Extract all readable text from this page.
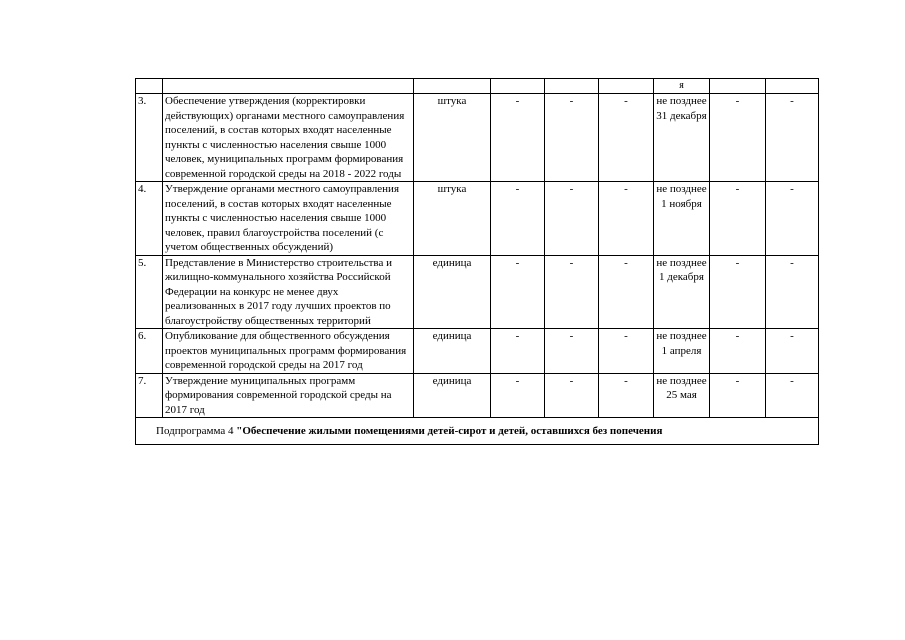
						я		
3.	Обеспечение утверждения (корректировки действующих) органами местного самоуправления поселений, в состав которых входят населенные пункты с численностью населения свыше 1000 человек, муниципальных программ формирования современной городской среды на 2018 - 2022 годы	штука	-	-	-	не позднее 31 декабря	-	-
4.	Утверждение органами местного самоуправления поселений, в состав которых входят населенные пункты с численностью населения свыше 1000 человек, правил благоустройства поселений (с учетом общественных обсуждений)	штука	-	-	-	не позднее 1 ноября	-	-
5.	Представление в Министерство строительства и жилищно-коммунального хозяйства Российской Федерации на конкурс не менее двух реализованных в 2017 году лучших проектов по благоустройству общественных территорий	единица	-	-	-	не позднее 1 декабря	-	-
6.	Опубликование для общественного обсуждения проектов муниципальных программ формирования современной городской среды на 2017 год	единица	-	-	-	не позднее 1 апреля	-	-
7.	Утверждение муниципальных программ формирования современной городской среды на 2017 год	единица	-	-	-	не позднее 25 мая	-	-
Подпрограмма 4 "Обеспечение жилыми помещениями детей-сирот и детей, оставшихся без попечения								
